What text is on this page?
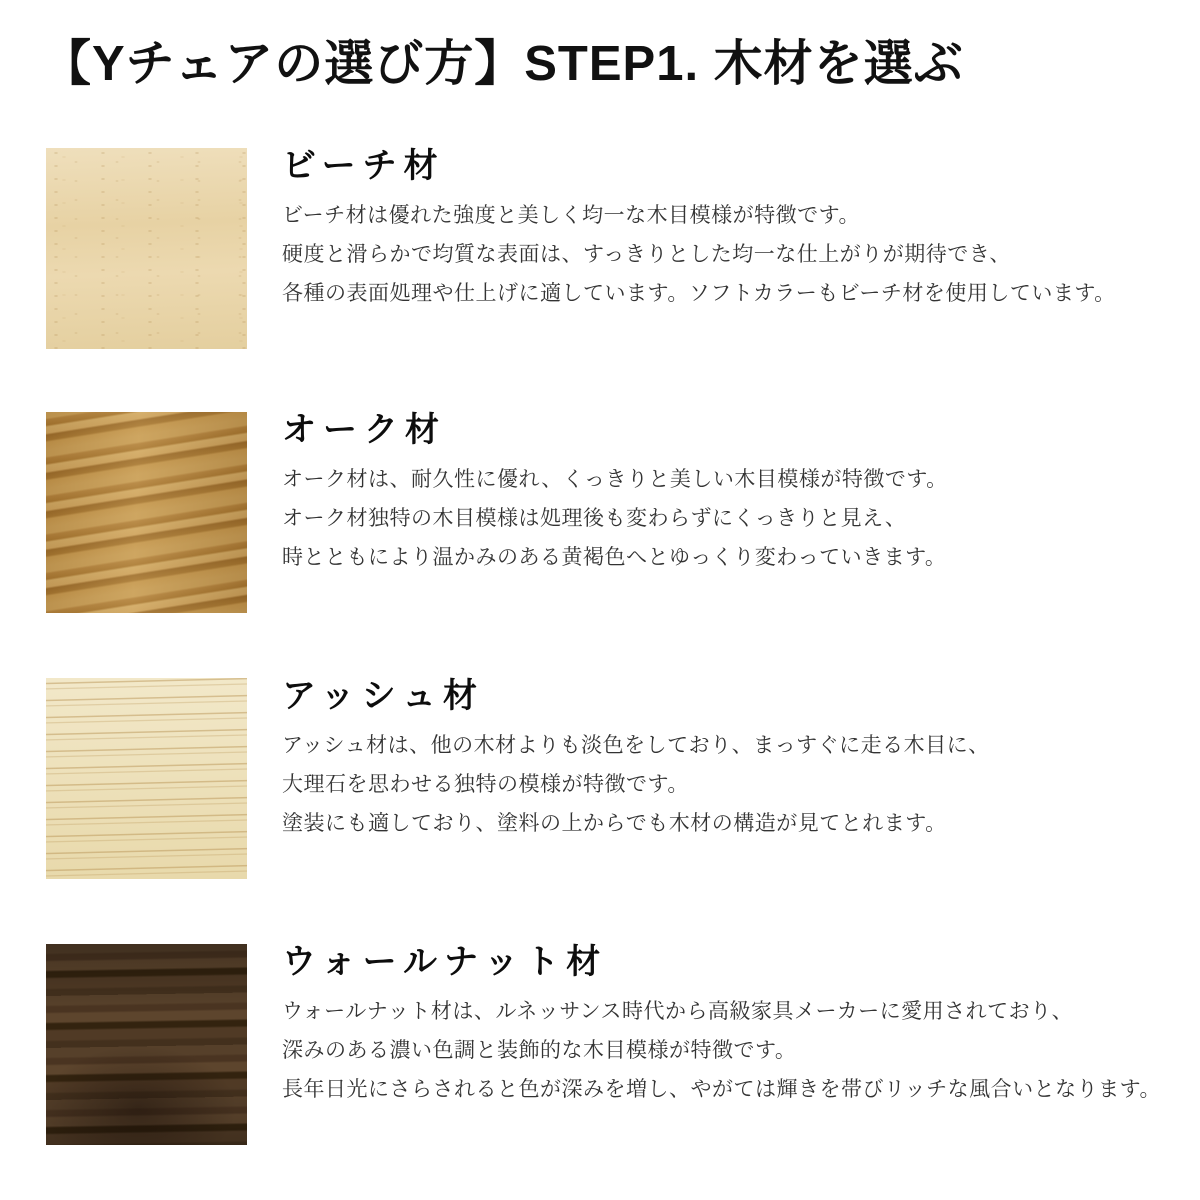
【Yチェアの選び方】STEP1. 木材を選ぶ
ビーチ材

ビーチ材は優れた強度と美しく均一な木目模様が特徴です。
硬度と滑らかで均質な表面は、すっきりとした均一な仕上がりが期待でき、
各種の表面処理や仕上げに適しています。ソフトカラーもビーチ材を使用しています。

オーク材

オーク材は、耐久性に優れ、くっきりと美しい木目模様が特徴です。
オーク材独特の木目模様は処理後も変わらずにくっきりと見え、
時とともにより温かみのある黄褐色へとゆっくり変わっていきます。

アッシュ材

アッシュ材は、他の木材よりも淡色をしており、まっすぐに走る木目に、
大理石を思わせる独特の模様が特徴です。
塗装にも適しており、塗料の上からでも木材の構造が見てとれます。

ウォールナット材

ウォールナット材は、ルネッサンス時代から高級家具メーカーに愛用されており、
深みのある濃い色調と装飾的な木目模様が特徴です。
長年日光にさらされると色が深みを増し、やがては輝きを帯びリッチな風合いとなります。
